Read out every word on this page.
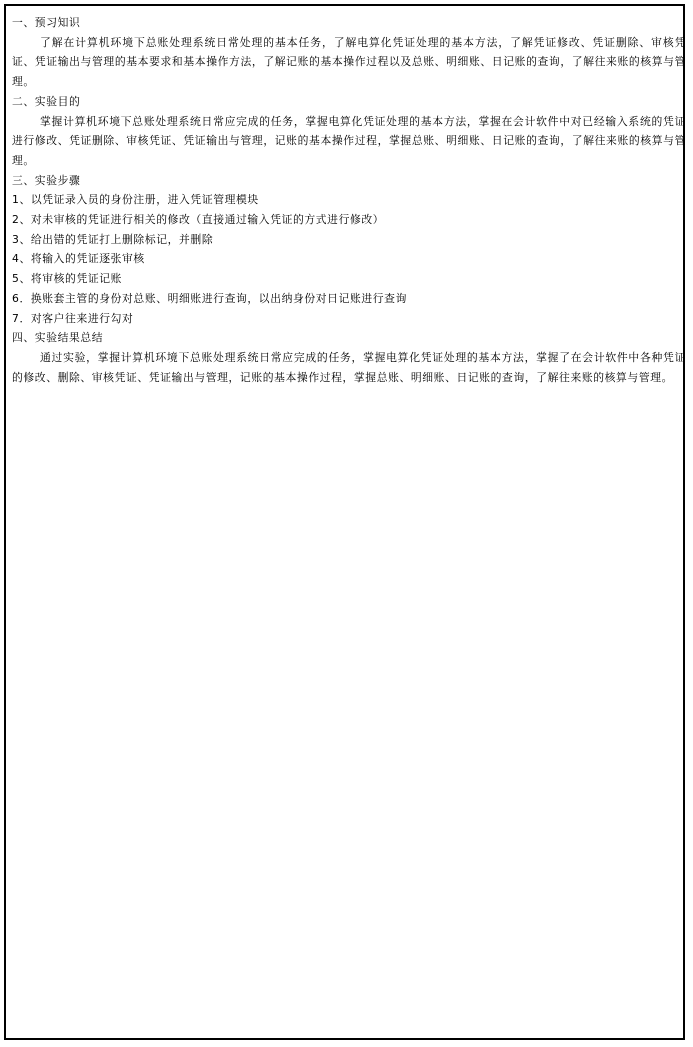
一、预习知识
了解在计算机环境下总账处理系统日常处理的基本任务，了解电算化凭证处理的基本方法，了解凭证修改、凭证删除、审核凭证、凭证输出与管理的基本要求和基本操作方法，了解记账的基本操作过程以及总账、明细账、日记账的查询，了解往来账的核算与管理。
二、实验目的
掌握计算机环境下总账处理系统日常应完成的任务，掌握电算化凭证处理的基本方法，掌握在会计软件中对已经输入系统的凭证进行修改、凭证删除、审核凭证、凭证输出与管理，记账的基本操作过程，掌握总账、明细账、日记账的查询，了解往来账的核算与管理。
三、实验步骤
1、以凭证录入员的身份注册，进入凭证管理模块
2、对未审核的凭证进行相关的修改（直接通过输入凭证的方式进行修改）
3、给出错的凭证打上删除标记，并删除
4、将输入的凭证逐张审核
5、将审核的凭证记账
6．换账套主管的身份对总账、明细账进行查询，以出纳身份对日记账进行查询
7．对客户往来进行勾对
四、实验结果总结
通过实验，掌握计算机环境下总账处理系统日常应完成的任务，掌握电算化凭证处理的基本方法，掌握了在会计软件中各种凭证的修改、删除、审核凭证、凭证输出与管理，记账的基本操作过程，掌握总账、明细账、日记账的查询，了解往来账的核算与管理。
